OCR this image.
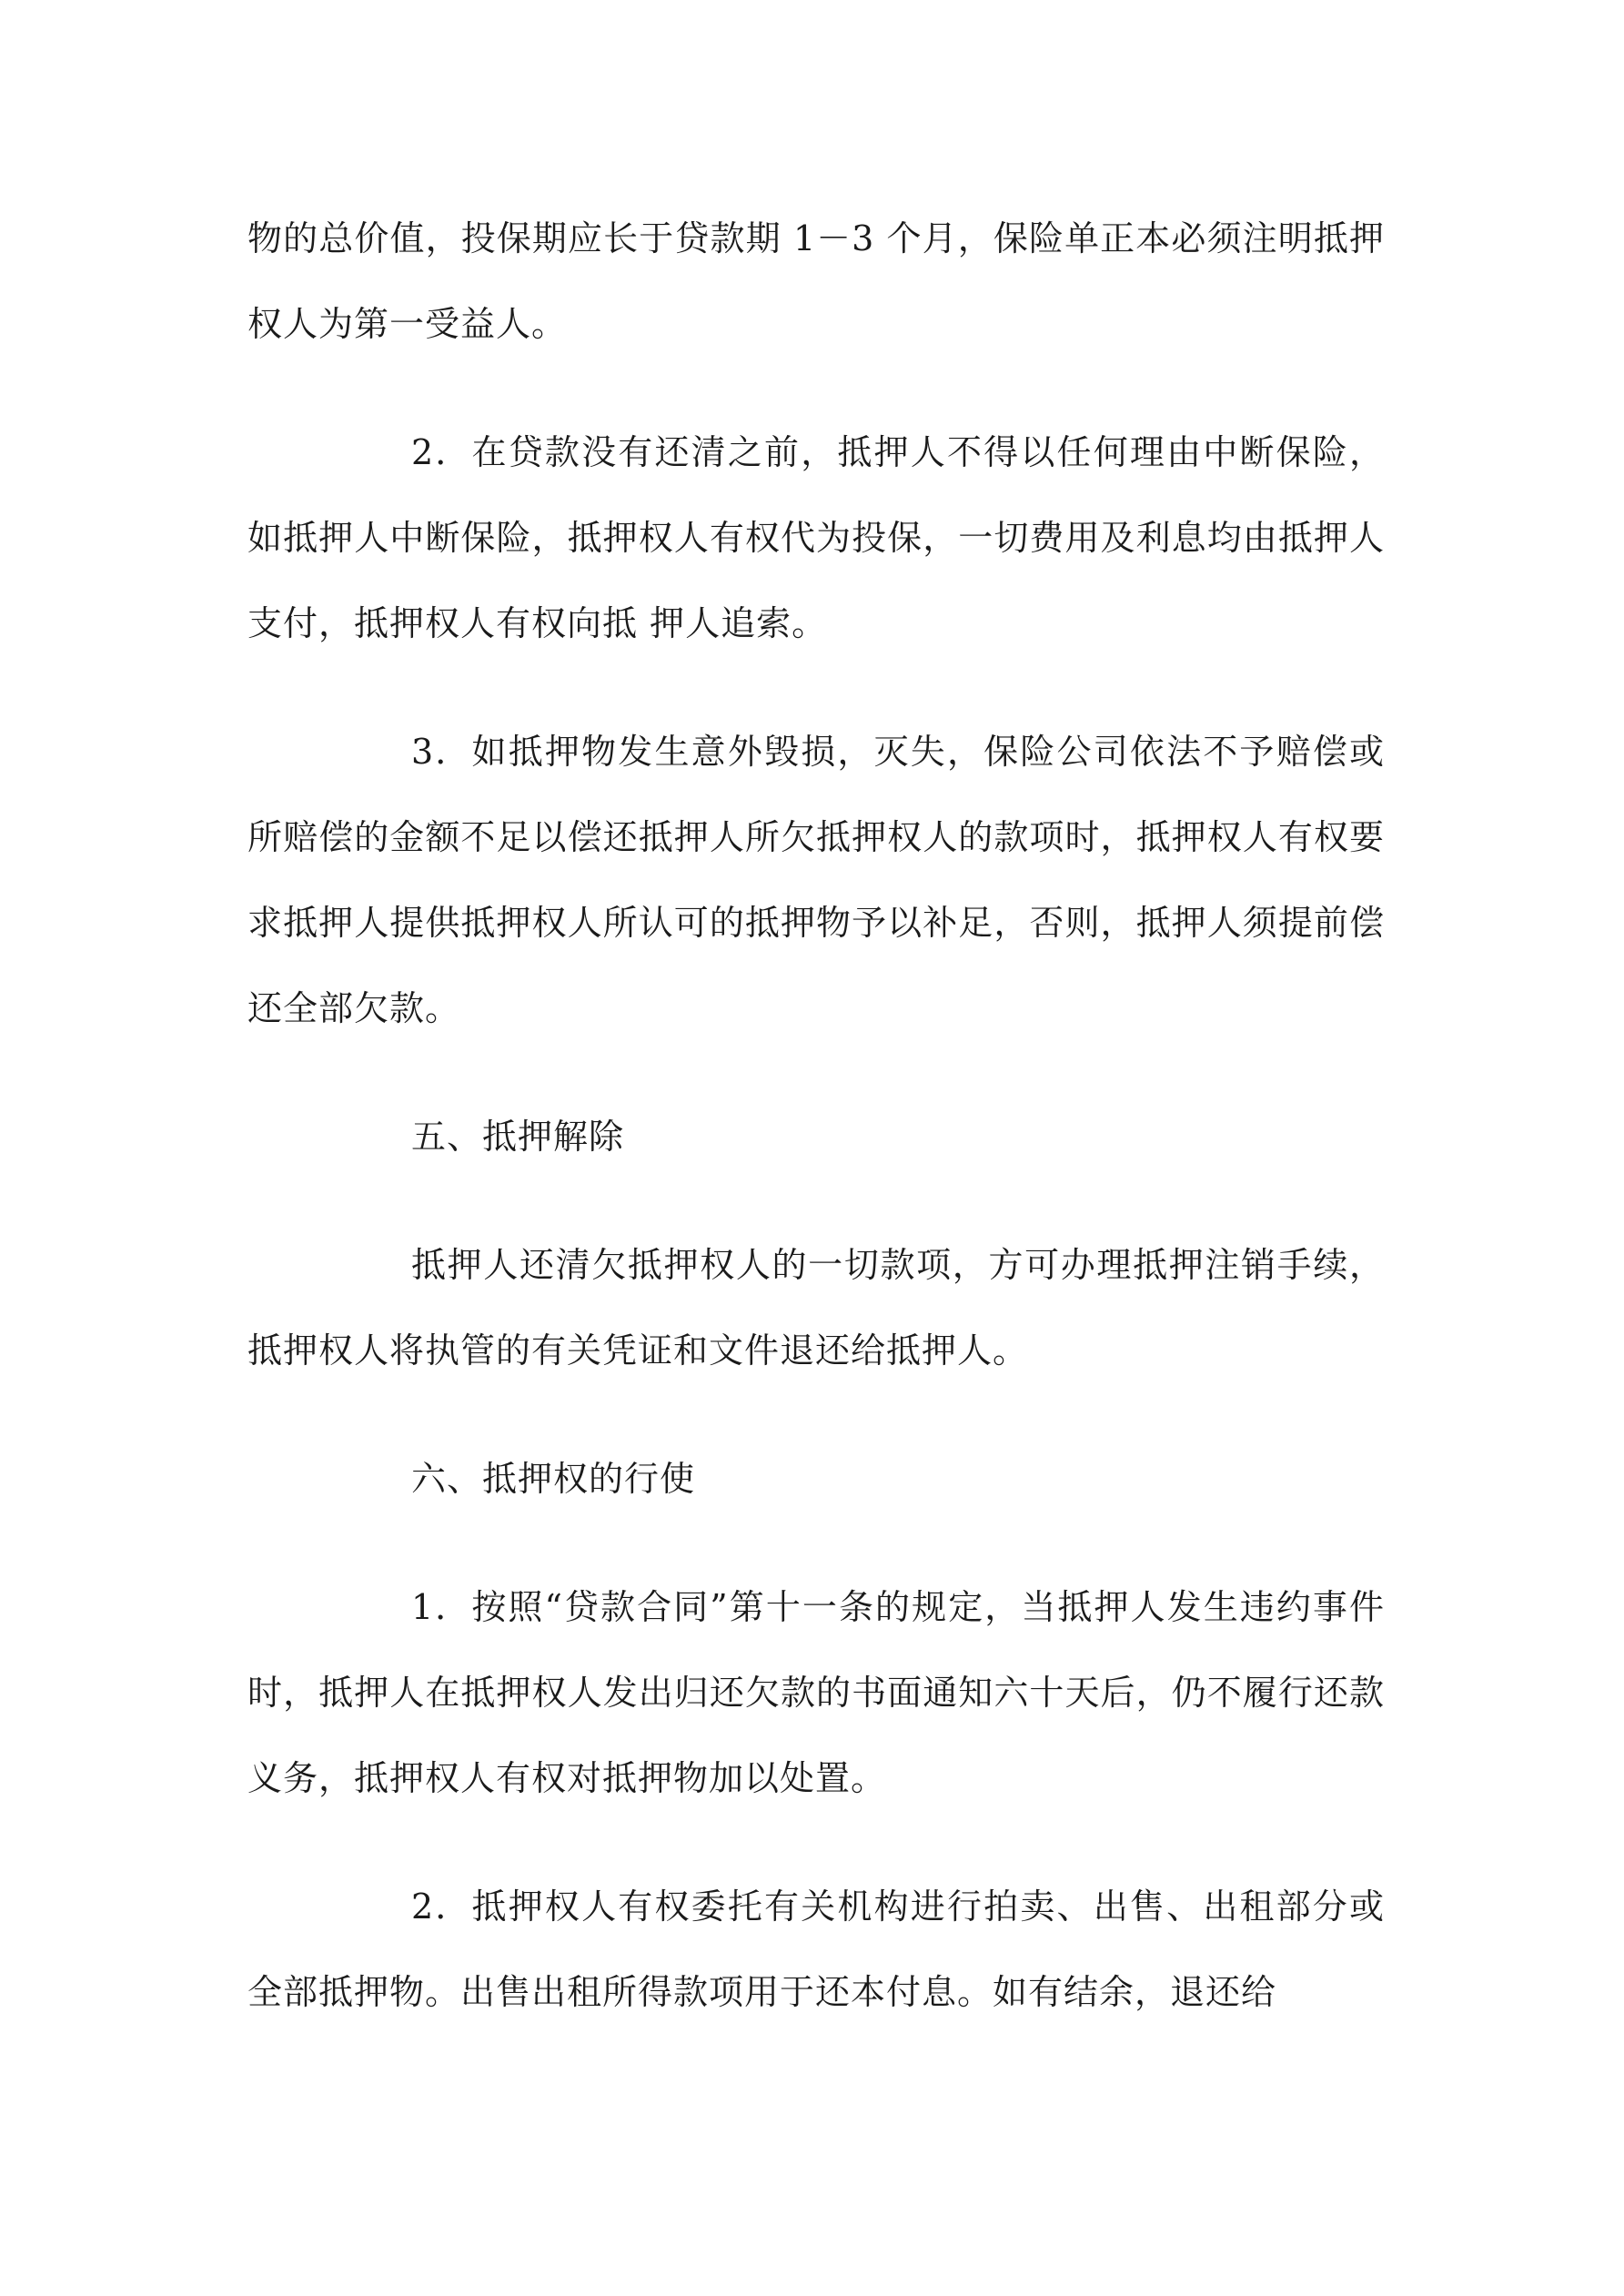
物的总价值，投保期应长于贷款期 1－3 个月，保险单正本必须注明抵押权人为第一受益人。

2．在贷款没有还清之前，抵押人不得以任何理由中断保险，如抵押人中断保险，抵押权人有权代为投保，一切费用及利息均由抵押人支付，抵押权人有权向抵 押人追索。

3．如抵押物发生意外毁损，灭失，保险公司依法不予赔偿或所赔偿的金额不足以偿还抵押人所欠抵押权人的款项时，抵押权人有权要求抵押人提供抵押权人所认可的抵押物予以补足，否则，抵押人须提前偿还全部欠款。

五、抵押解除

抵押人还清欠抵押权人的一切款项，方可办理抵押注销手续，抵押权人将执管的有关凭证和文件退还给抵押人。

六、抵押权的行使

1．按照“贷款合同”第十一条的规定，当抵押人发生违约事件时，抵押人在抵押权人发出归还欠款的书面通知六十天后，仍不履行还款义务，抵押权人有权对抵押物加以处置。

2．抵押权人有权委托有关机构进行拍卖、出售、出租部分或全部抵押物。出售出租所得款项用于还本付息。如有结余，退还给
